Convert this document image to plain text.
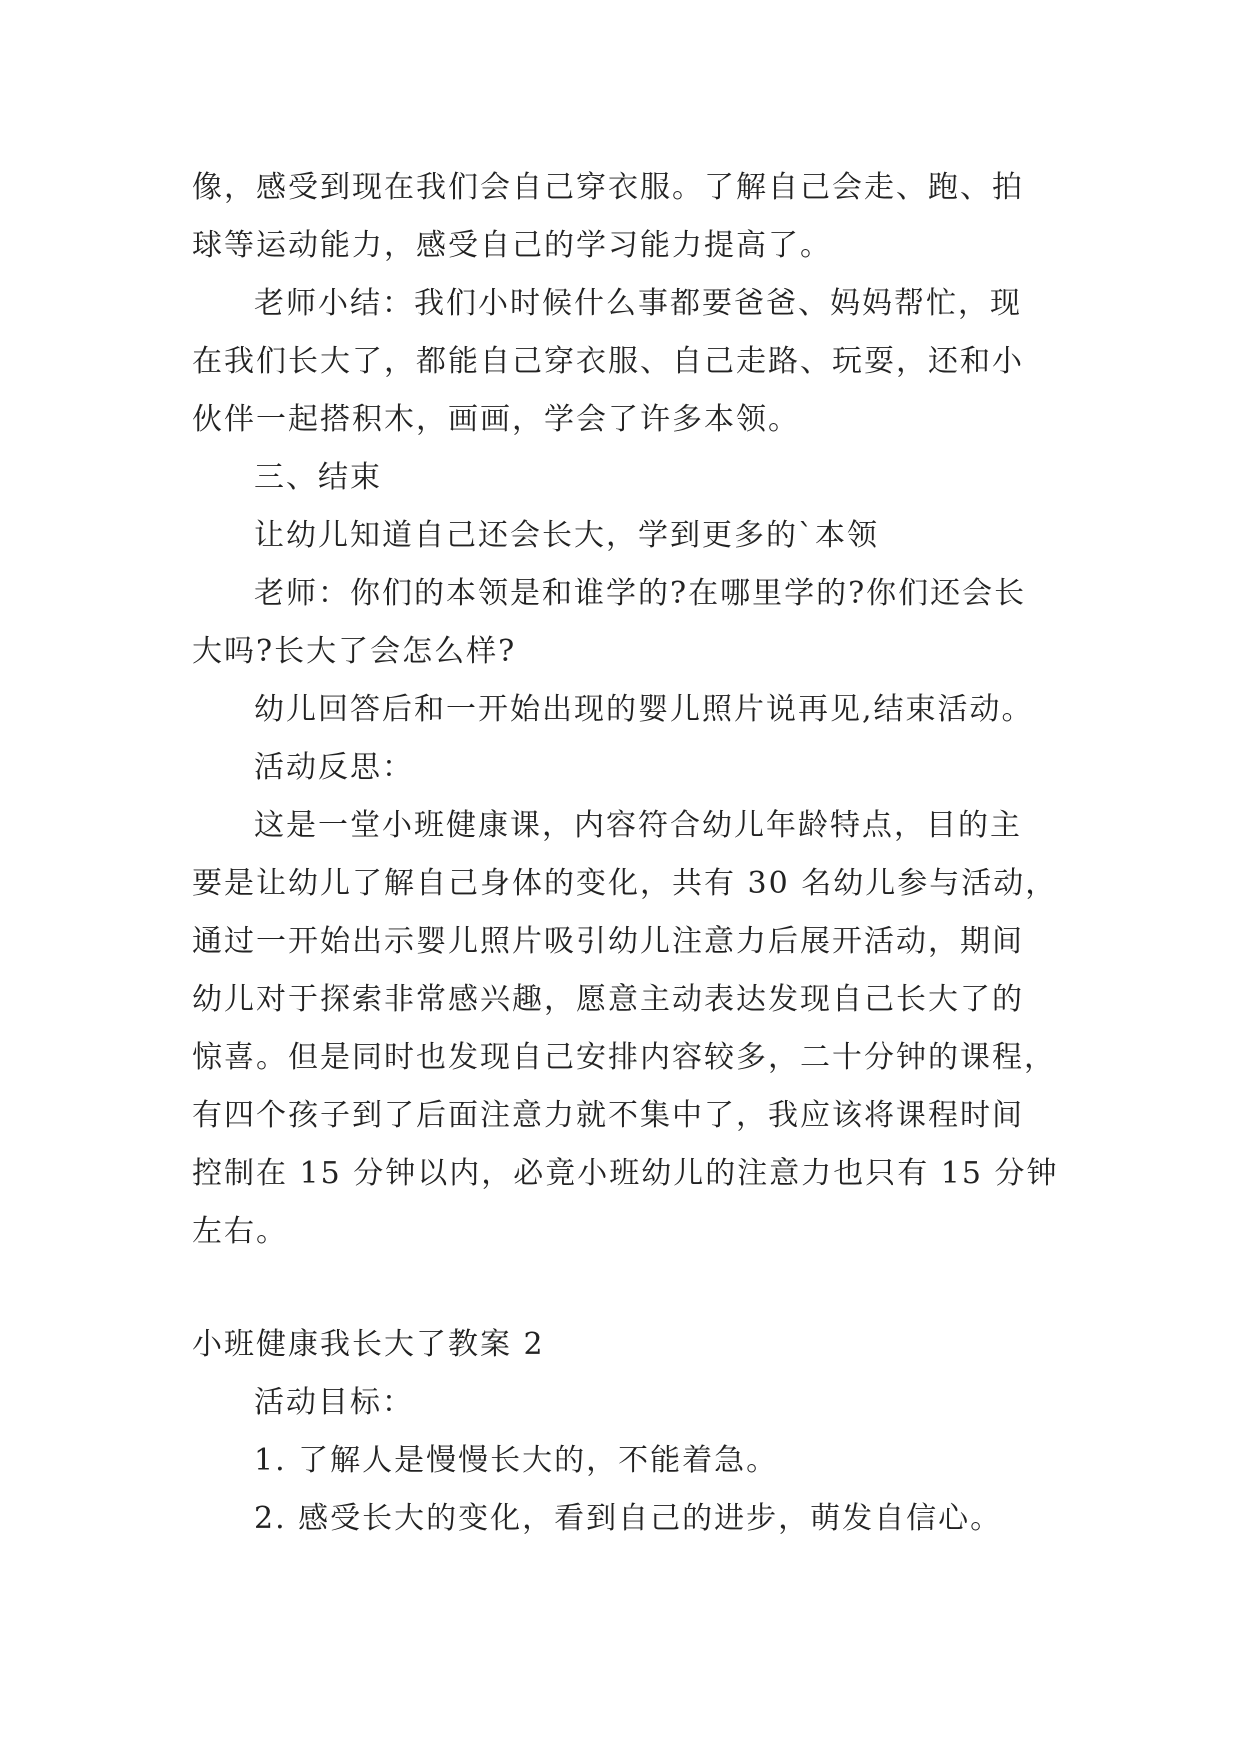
像，感受到现在我们会自己穿衣服。了解自己会走、跑、拍
球等运动能力，感受自己的学习能力提高了。
老师小结：我们小时候什么事都要爸爸、妈妈帮忙，现
在我们长大了，都能自己穿衣服、自己走路、玩耍，还和小
伙伴一起搭积木，画画，学会了许多本领。
三、结束
让幼儿知道自己还会长大，学到更多的`本领
老师：你们的本领是和谁学的?在哪里学的?你们还会长
大吗?长大了会怎么样?
幼儿回答后和一开始出现的婴儿照片说再见,结束活动。
活动反思：
这是一堂小班健康课，内容符合幼儿年龄特点，目的主
要是让幼儿了解自己身体的变化，共有 30 名幼儿参与活动，
通过一开始出示婴儿照片吸引幼儿注意力后展开活动，期间
幼儿对于探索非常感兴趣，愿意主动表达发现自己长大了的
惊喜。但是同时也发现自己安排内容较多，二十分钟的课程，
有四个孩子到了后面注意力就不集中了，我应该将课程时间
控制在 15 分钟以内，必竟小班幼儿的注意力也只有 15 分钟
左右。
小班健康我长大了教案 2
活动目标：
1. 了解人是慢慢长大的，不能着急。
2. 感受长大的变化，看到自己的进步，萌发自信心。
